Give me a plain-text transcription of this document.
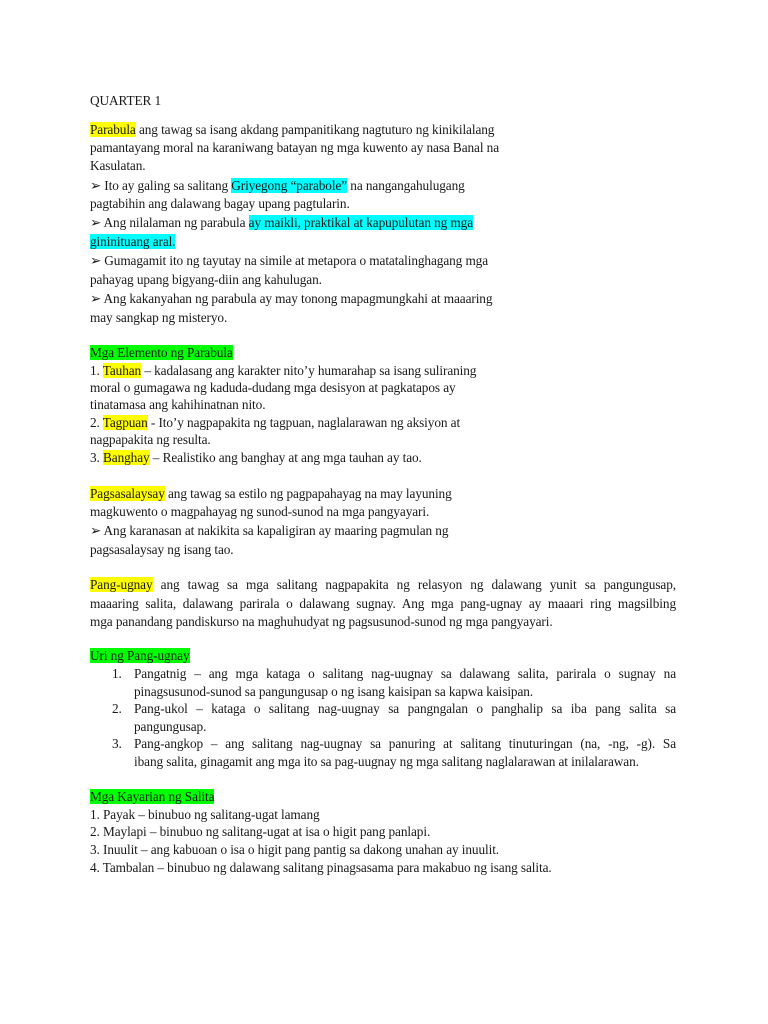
QUARTER 1
Parabula ang tawag sa isang akdang pampanitikang nagtuturo ng kinikilalang
pamantayang moral na karaniwang batayan ng mga kuwento ay nasa Banal na
Kasulatan.
➢ Ito ay galing sa salitang Griyegong “parabole” na nangangahulugang
pagtabihin ang dalawang bagay upang pagtularin.
➢ Ang nilalaman ng parabula ay maikli, praktikal at kapupulutan ng mga
gininituang aral.
➢ Gumagamit ito ng tayutay na simile at metapora o matatalinghagang mga
pahayag upang bigyang-diin ang kahulugan.
➢ Ang kakanyahan ng parabula ay may tonong mapagmungkahi at maaaring
may sangkap ng misteryo.
Mga Elemento ng Parabula
1. Tauhan – kadalasang ang karakter nito’y humarahap sa isang suliraning
moral o gumagawa ng kaduda-dudang mga desisyon at pagkatapos ay
tinatamasa ang kahihinatnan nito.
2. Tagpuan - Ito’y nagpapakita ng tagpuan, naglalarawan ng aksiyon at
nagpapakita ng resulta.
3. Banghay – Realistiko ang banghay at ang mga tauhan ay tao.
Pagsasalaysay ang tawag sa estilo ng pagpapahayag na may layuning
magkuwento o magpahayag ng sunod-sunod na mga pangyayari.
➢ Ang karanasan at nakikita sa kapaligiran ay maaring pagmulan ng
pagsasalaysay ng isang tao.
Pang-ugnay ang tawag sa mga salitang nagpapakita ng relasyon ng dalawang yunit sa pangungusap,
maaaring salita, dalawang parirala o dalawang sugnay. Ang mga pang-ugnay ay maaari ring magsilbing
mga panandang pandiskurso na maghuhudyat ng pagsusunod-sunod ng mga pangyayari.
Uri ng Pang-ugnay
1. Pangatnig – ang mga kataga o salitang nag-uugnay sa dalawang salita, parirala o sugnay na
pinagsusunod-sunod sa pangungusap o ng isang kaisipan sa kapwa kaisipan.
2. Pang-ukol – kataga o salitang nag-uugnay sa pangngalan o panghalip sa iba pang salita sa
pangungusap.
3. Pang-angkop – ang salitang nag-uugnay sa panuring at salitang tinuturingan (na, -ng, -g). Sa
ibang salita, ginagamit ang mga ito sa pag-uugnay ng mga salitang naglalarawan at inilalarawan.
Mga Kayarian ng Salita
1. Payak – binubuo ng salitang-ugat lamang
2. Maylapi – binubuo ng salitang-ugat at isa o higit pang panlapi.
3. Inuulit – ang kabuoan o isa o higit pang pantig sa dakong unahan ay inuulit.
4. Tambalan – binubuo ng dalawang salitang pinagsasama para makabuo ng isang salita.
